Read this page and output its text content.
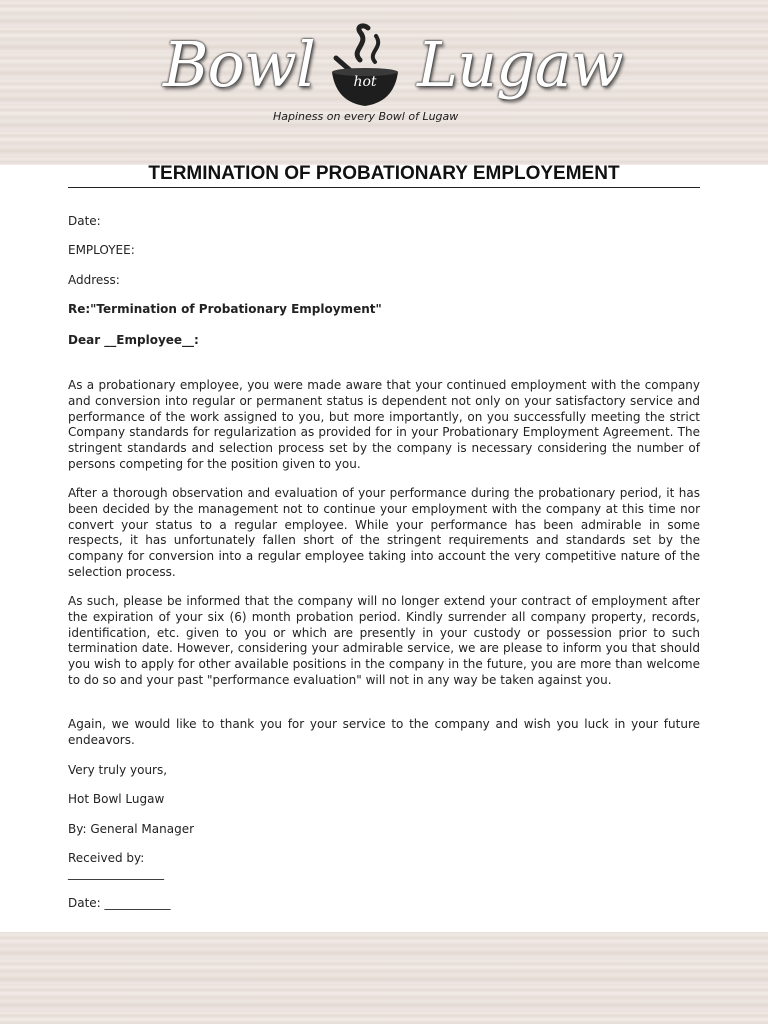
Bowl	hot Lugaw
Hapiness on every Bowl of Lugaw
TERMINATION OF PROBATIONARY EMPLOYEMENT
Date:
EMPLOYEE:
Address:
Re:"Termination of Probationary Employment"
Dear __Employee__:
As a probationary employee, you were made aware that your continued employment with the company and conversion into regular or permanent status is dependent not only on your satisfactory service and performance of the work assigned to you, but more importantly, on you successfully meeting the strict Company standards for regularization as provided for in your Probationary Employment Agreement. The stringent standards and selection process set by the company is necessary considering the number of persons competing for the position given to you.
After a thorough observation and evaluation of your performance during the probationary period, it has been decided by the management not to continue your employment with the company at this time nor convert your status to a regular employee. While your performance has been admirable in some respects, it has unfortunately fallen short of the stringent requirements and standards set by the company for conversion into a regular employee taking into account the very competitive nature of the selection process.
As such, please be informed that the company will no longer extend your contract of employment after the expiration of your six (6) month probation period. Kindly surrender all company property, records, identification, etc. given to you or which are presently in your custody or possession prior to such termination date. However, considering your admirable service, we are please to inform you that should you wish to apply for other available positions in the company in the future, you are more than welcome to do so and your past "performance evaluation" will not in any way be taken against you.
Again, we would like to thank you for your service to the company and wish you luck in your future endeavors.
Very truly yours,
Hot Bowl Lugaw
By: General Manager
Received by:
________________
Date: ___________
